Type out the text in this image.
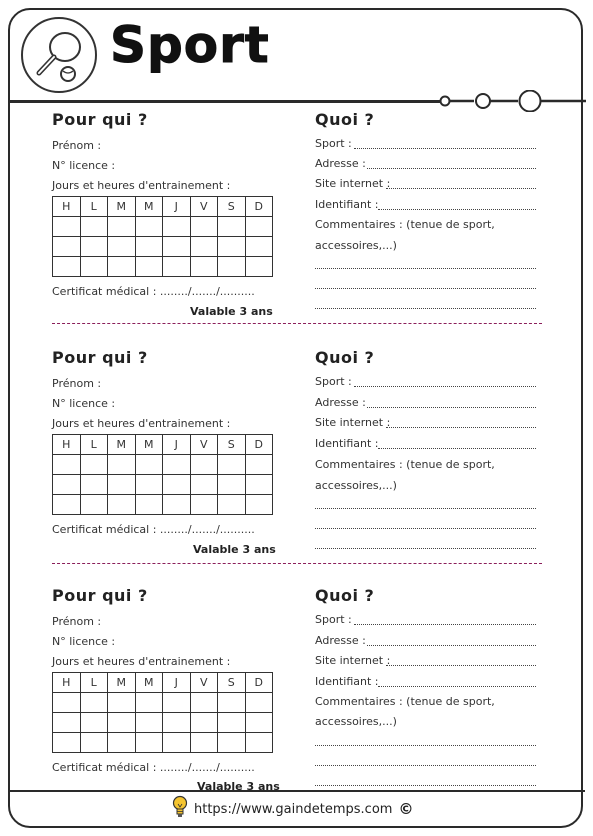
Sport
Pour qui ?
Prénom :
N° licence :
Jours et heures d'entrainement :
H	L	M	M	J	V	S	D

Certificat médical : ......../......./..........
Valable 3 ans
Quoi ?
Sport :
Adresse :
Site internet :
Identifiant :
Commentaires : (tenue de sport,
accessoires,...)
Pour qui ?
Prénom :
N° licence :
Jours et heures d'entrainement :
H	L	M	M	J	V	S	D

Certificat médical : ......../......./..........
Valable 3 ans
Quoi ?
Sport :
Adresse :
Site internet :
Identifiant :
Commentaires : (tenue de sport,
accessoires,...)
Pour qui ?
Prénom :
N° licence :
Jours et heures d'entrainement :
H	L	M	M	J	V	S	D

Certificat médical : ......../......./..........
Valable 3 ans
Quoi ?
Sport :
Adresse :
Site internet :
Identifiant :
Commentaires : (tenue de sport,
accessoires,...)
https://www.gaindetemps.com ©
